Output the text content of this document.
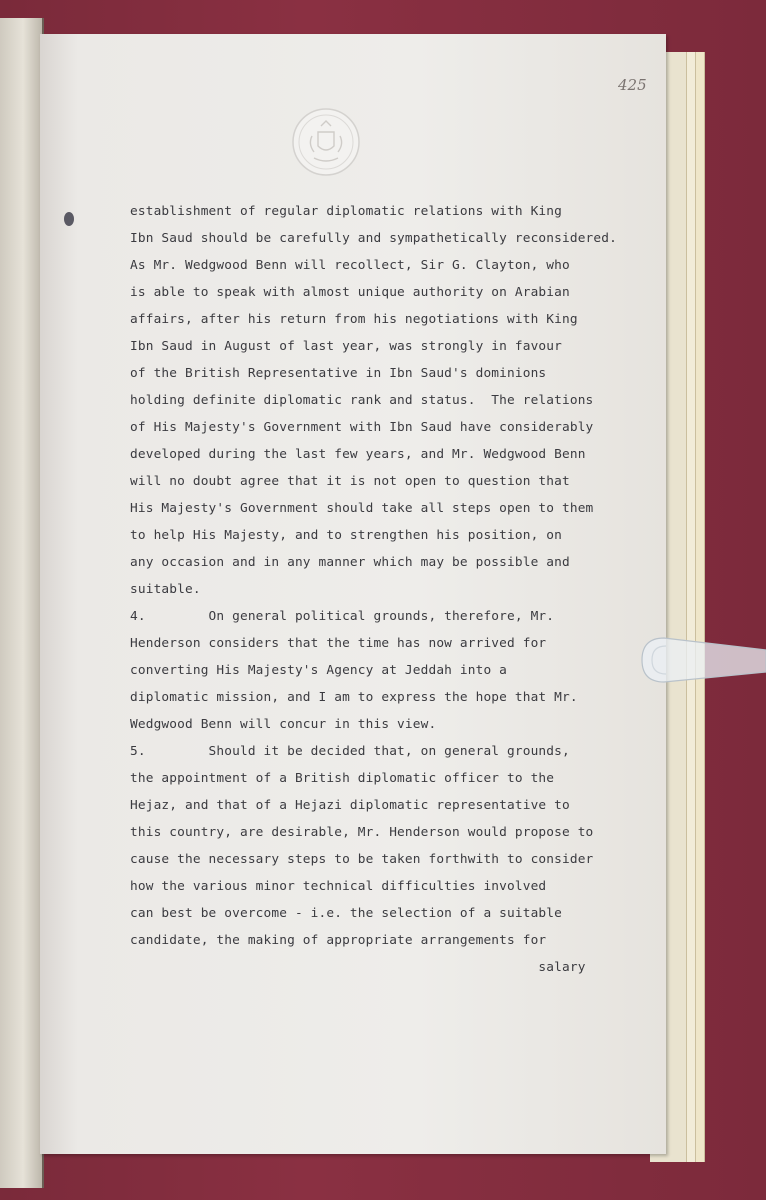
425

establishment of regular diplomatic relations with King

Ibn Saud should be carefully and sympathetically reconsidered.

As Mr. Wedgwood Benn will recollect, Sir G. Clayton, who

is able to speak with almost unique authority on Arabian

affairs, after his return from his negotiations with King

Ibn Saud in August of last year, was strongly in favour

of the British Representative in Ibn Saud's dominions

holding definite diplomatic rank and status.  The relations

of His Majesty's Government with Ibn Saud have considerably

developed during the last few years, and Mr. Wedgwood Benn

will no doubt agree that it is not open to question that

His Majesty's Government should take all steps open to them

to help His Majesty, and to strengthen his position, on

any occasion and in any manner which may be possible and

suitable.

4.        On general political grounds, therefore, Mr.

Henderson considers that the time has now arrived for

converting His Majesty's Agency at Jeddah into a

diplomatic mission, and I am to express the hope that Mr.

Wedgwood Benn will concur in this view.

5.        Should it be decided that, on general grounds,

the appointment of a British diplomatic officer to the

Hejaz, and that of a Hejazi diplomatic representative to

this country, are desirable, Mr. Henderson would propose to

cause the necessary steps to be taken forthwith to consider

how the various minor technical difficulties involved

can best be overcome - i.e. the selection of a suitable

candidate, the making of appropriate arrangements for

salary
